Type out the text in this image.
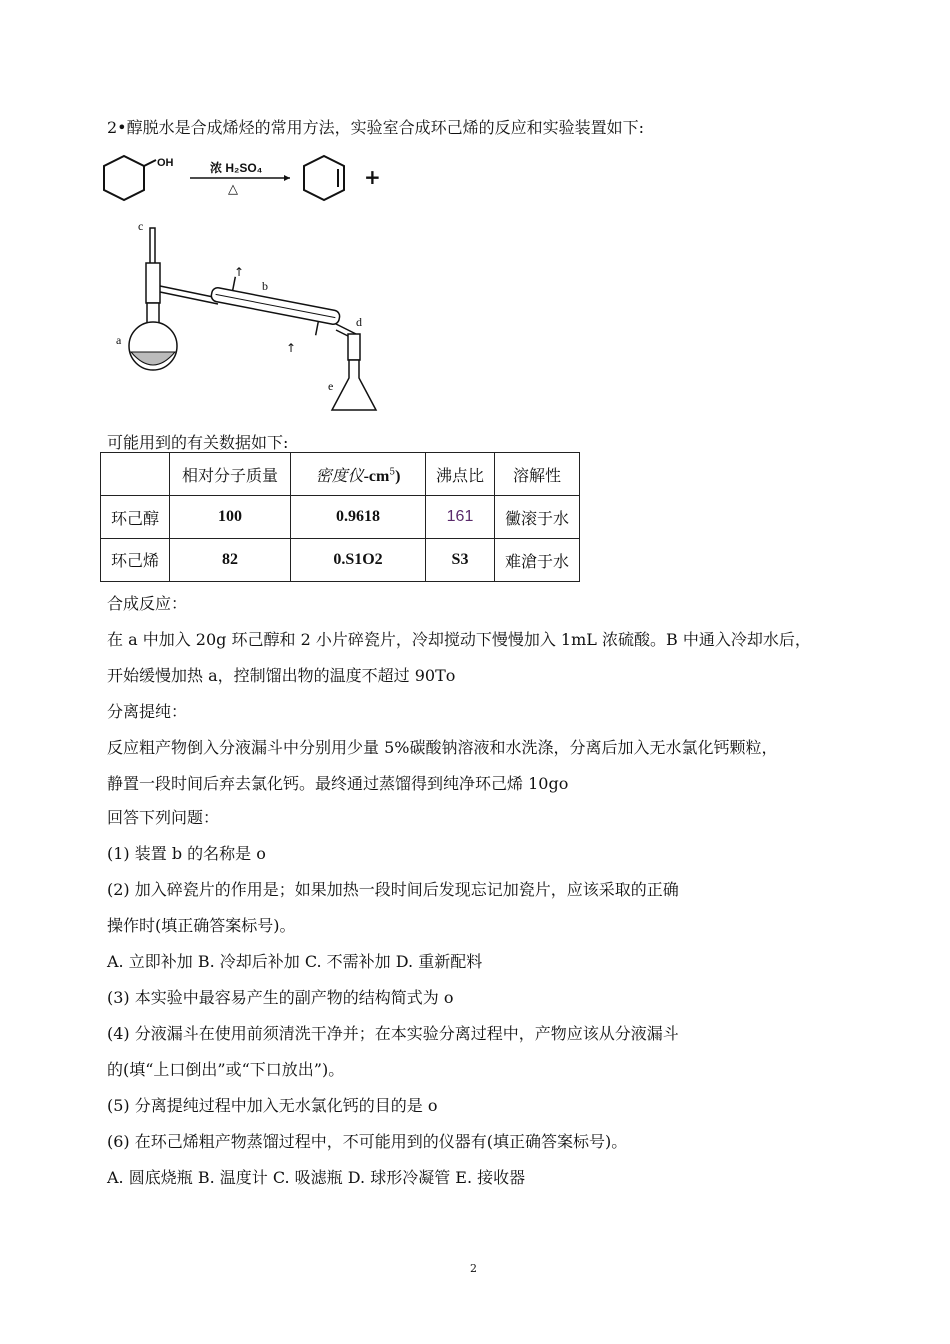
2•醇脱水是合成烯烃的常用方法，实验室合成环己烯的反应和实验装置如下:
OH	浓 H₂SO₄
△
+
c
a
b
↑
↑
d
e
可能用到的有关数据如下:
	相对分子质量	密度仪$-cm^5$)	沸点比	溶解性
环己醇	100	0.9618	161	黴滚于水
环己烯	82	0.S1O2	S3	难滄于水
合成反应：
在 a 中加入 20g 环己醇和 2 小片碎瓷片，冷却搅动下慢慢加入 1mL 浓硫酸。B 中通入冷却水后，
开始缓慢加热 a，控制馏出物的温度不超过 90Tо
分离提纯：
反应粗产物倒入分液漏斗中分别用少量 5%碳酸钠溶液和水洗涤，分离后加入无水氯化钙颗粒，
静置一段时间后弃去氯化钙。最终通过蒸馏得到纯净环己烯 10gо
回答下列问题：
(1) 装置 b 的名称是 о
(2) 加入碎瓷片的作用是；如果加热一段时间后发现忘记加瓷片，应该采取的正确
操作时(填正确答案标号)。
A. 立即补加 B. 冷却后补加 C. 不需补加 D. 重新配料
(3) 本实验中最容易产生的副产物的结构简式为 о
(4) 分液漏斗在使用前须清洗干净并；在本实验分离过程中，产物应该从分液漏斗
的(填“上口倒出”或“下口放出”)。
(5) 分离提纯过程中加入无水氯化钙的目的是 о
(6) 在环己烯粗产物蒸馏过程中，不可能用到的仪器有(填正确答案标号)。
A. 圆底烧瓶 B. 温度计 C. 吸滤瓶 D. 球形冷凝管 E. 接收器
2
